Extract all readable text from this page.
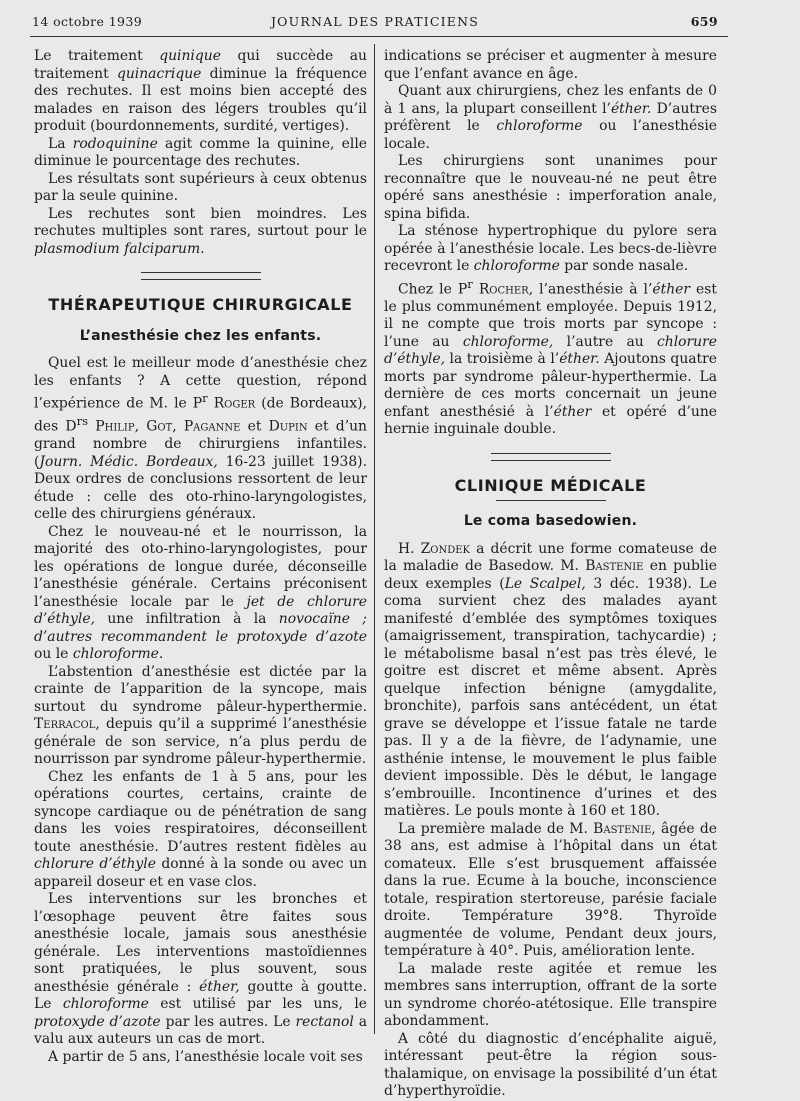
14 octobre 1939	JOURNAL DES PRATICIENS	659

Le traitement quinique qui succède au traitement quinacrique diminue la fréquence des rechutes. Il est moins bien accepté des malades en raison des légers troubles qu’il produit (bourdonnements, surdité, vertiges).

La rodoquinine agit comme la quinine, elle diminue le pourcentage des rechutes.

Les résultats sont supérieurs à ceux obtenus par la seule quinine.

Les rechutes sont bien moindres. Les rechutes multiples sont rares, surtout pour le plasmodium falciparum.

THÉRAPEUTIQUE CHIRURGICALE
L’anesthésie chez les enfants.

Quel est le meilleur mode d’anesthésie chez les enfants ? A cette question, répond l’expérience de M. le $P^r$ Roger (de Bordeaux), des $D^{rs}$ Philip, Got, Paganne et Dupin et d’un grand nombre de chirurgiens infantiles. (Journ. Médic. Bordeaux, 16-23 juillet 1938). Deux ordres de conclusions ressortent de leur étude : celle des oto-rhino-laryngologistes, celle des chirurgiens généraux.

Chez le nouveau-né et le nourrisson, la majorité des oto-rhino-laryngologistes, pour les opérations de longue durée, déconseille l’anesthésie générale. Certains préconisent l’anesthésie locale par le jet de chlorure d’éthyle, une infiltration à la novocaïne ; d’autres recommandent le protoxyde d’azote ou le chloroforme.

L’abstention d’anesthésie est dictée par la crainte de l’apparition de la syncope, mais surtout du syndrome pâleur-hyperthermie. Terracol, depuis qu’il a supprimé l’anesthésie générale de son service, n’a plus perdu de nourrisson par syndrome pâleur-hyperthermie.

Chez les enfants de 1 à 5 ans, pour les opérations courtes, certains, crainte de syncope cardiaque ou de pénétration de sang dans les voies respiratoires, déconseillent toute anesthésie. D’autres restent fidèles au chlorure d’éthyle donné à la sonde ou avec un appareil doseur et en vase clos.

Les interventions sur les bronches et l’œsophage peuvent être faites sous anesthésie locale, jamais sous anesthésie générale. Les interventions mastoïdiennes sont pratiquées, le plus souvent, sous anesthésie générale : éther, goutte à goutte. Le chloroforme est utilisé par les uns, le protoxyde d’azote par les autres. Le rectanol a valu aux auteurs un cas de mort.

A partir de 5 ans, l’anesthésie locale voit ses

indications se préciser et augmenter à mesure que l’enfant avance en âge.

Quant aux chirurgiens, chez les enfants de 0 à 1 ans, la plupart conseillent l’éther. D’autres préfèrent le chloroforme ou l’anesthésie locale.

Les chirurgiens sont unanimes pour reconnaître que le nouveau-né ne peut être opéré sans anesthésie : imperforation anale, spina bifida.

La sténose hypertrophique du pylore sera opérée à l’anesthésie locale. Les becs-de-lièvre recevront le chloroforme par sonde nasale.

Chez le $P^r$ Rocher, l’anesthésie à l’éther est le plus communément employée. Depuis 1912, il ne compte que trois morts par syncope : l’une au chloroforme, l’autre au chlorure d’éthyle, la troisième à l’éther. Ajoutons quatre morts par syndrome pâleur-hyperthermie. La dernière de ces morts concernait un jeune enfant anesthésié à l’éther et opéré d’une hernie inguinale double.

CLINIQUE MÉDICALE
Le coma basedowien.

H. Zondek a décrit une forme comateuse de la maladie de Basedow. M. Bastenie en publie deux exemples (Le Scalpel, 3 déc. 1938). Le coma survient chez des malades ayant manifesté d’emblée des symptômes toxiques (amaigrissement, transpiration, tachycardie) ; le métabolisme basal n’est pas très élevé, le goitre est discret et même absent. Après quelque infection bénigne (amygdalite, bronchite), parfois sans antécédent, un état grave se développe et l’issue fatale ne tarde pas. Il y a de la fièvre, de l’adynamie, une asthénie intense, le mouvement le plus faible devient impossible. Dès le début, le langage s’embrouille. Incontinence d’urines et des matières. Le pouls monte à 160 et 180.

La première malade de M. Bastenie, âgée de 38 ans, est admise à l’hôpital dans un état comateux. Elle s’est brusquement affaissée dans la rue. Ecume à la bouche, inconscience totale, respiration stertoreuse, parésie faciale droite. Température 39°8. Thyroïde augmentée de volume, Pendant deux jours, température à 40°. Puis, amélioration lente.

La malade reste agitée et remue les membres sans interruption, offrant de la sorte un syndrome choréo-atétosique. Elle transpire abondamment.

A côté du diagnostic d’encéphalite aiguë, intéressant peut-être la région sous-thalamique, on envisage la possibilité d’un état d’hyperthyroïdie.
